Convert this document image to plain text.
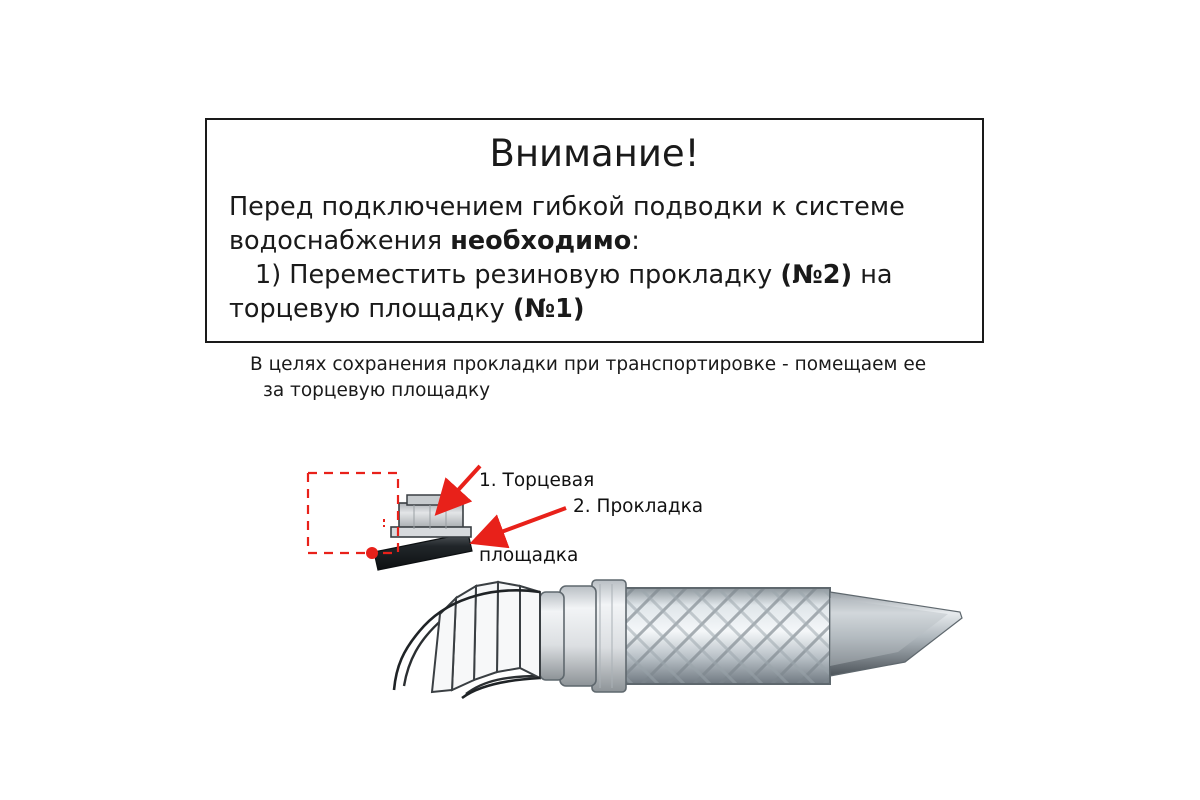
Внимание!

Перед подключением гибкой подводки к системе

водоснабжения необходимо:

1) Переместить резиновую прокладку (№2) на

торцевую площадку (№1)

В целях сохранения прокладки при транспортировке - помещаем ее

за торцевую площадку

1. Торцевая

площадка

2. Прокладка
